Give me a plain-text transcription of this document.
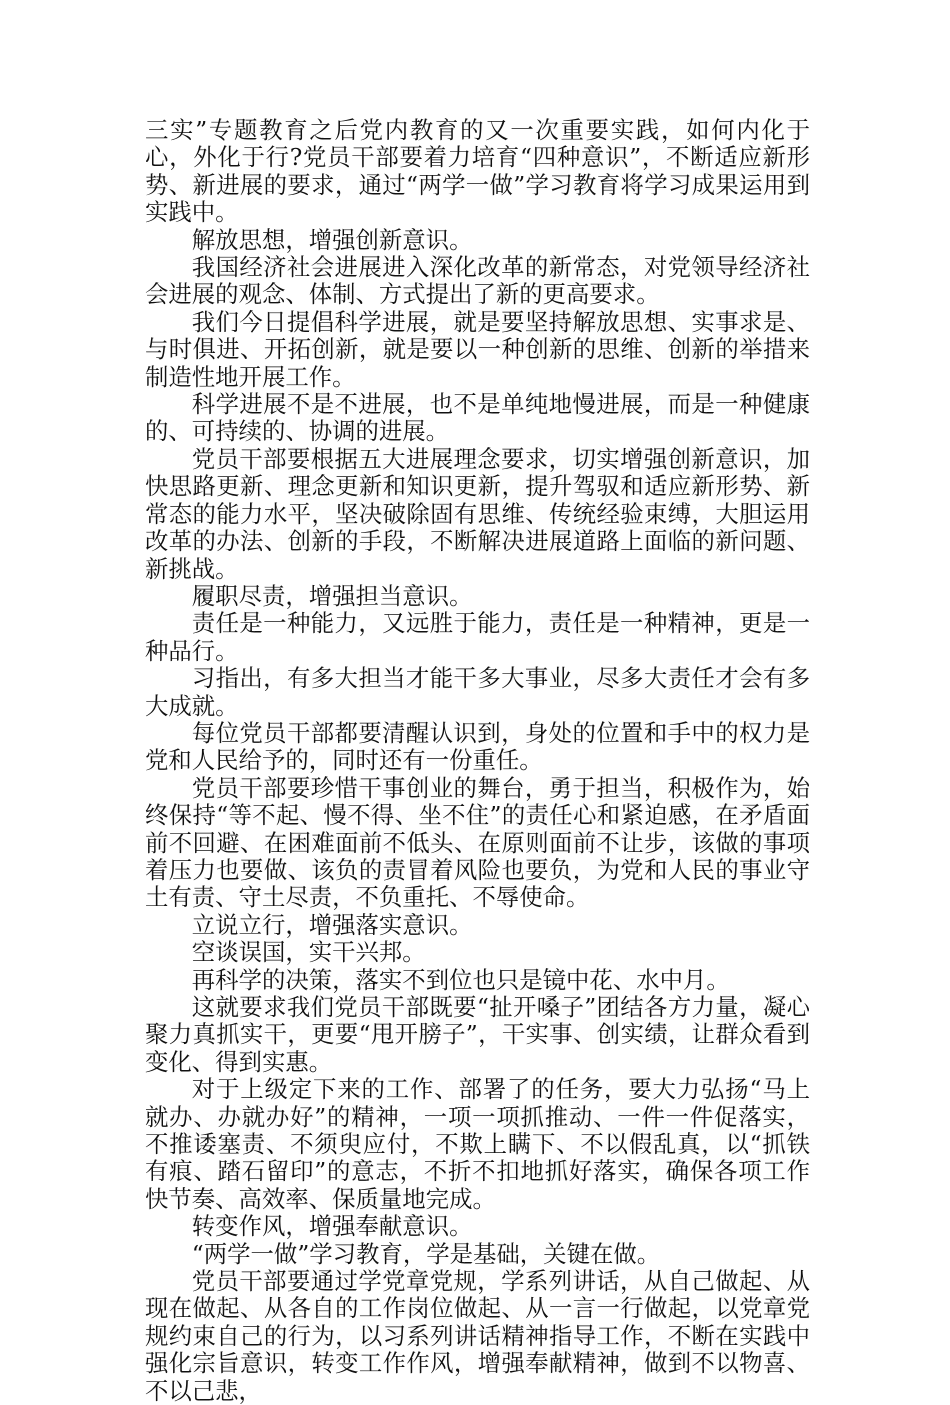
三实”专题教育之后党内教育的又一次重要实践，如何内化于心，外化于行?党员干部要着力培育“四种意识”，不断适应新形势、新进展的要求，通过“两学一做”学习教育将学习成果运用到实践中。

解放思想，增强创新意识。

我国经济社会进展进入深化改革的新常态，对党领导经济社会进展的观念、体制、方式提出了新的更高要求。

我们今日提倡科学进展，就是要坚持解放思想、实事求是、与时俱进、开拓创新，就是要以一种创新的思维、创新的举措来制造性地开展工作。

科学进展不是不进展，也不是单纯地慢进展，而是一种健康的、可持续的、协调的进展。

党员干部要根据五大进展理念要求，切实增强创新意识，加快思路更新、理念更新和知识更新，提升驾驭和适应新形势、新常态的能力水平，坚决破除固有思维、传统经验束缚，大胆运用改革的办法、创新的手段，不断解决进展道路上面临的新问题、新挑战。

履职尽责，增强担当意识。

责任是一种能力，又远胜于能力，责任是一种精神，更是一种品行。

习指出，有多大担当才能干多大事业，尽多大责任才会有多大成就。

每位党员干部都要清醒认识到，身处的位置和手中的权力是党和人民给予的，同时还有一份重任。

党员干部要珍惜干事创业的舞台，勇于担当，积极作为，始终保持“等不起、慢不得、坐不住”的责任心和紧迫感，在矛盾面前不回避、在困难面前不低头、在原则面前不让步，该做的事项着压力也要做、该负的责冒着风险也要负，为党和人民的事业守土有责、守土尽责，不负重托、不辱使命。

立说立行，增强落实意识。

空谈误国，实干兴邦。

再科学的决策，落实不到位也只是镜中花、水中月。

这就要求我们党员干部既要“扯开嗓子”团结各方力量，凝心聚力真抓实干，更要“甩开膀子”，干实事、创实绩，让群众看到变化、得到实惠。

对于上级定下来的工作、部署了的任务，要大力弘扬“马上就办、办就办好”的精神，一项一项抓推动、一件一件促落实，不推诿塞责、不须臾应付，不欺上瞒下、不以假乱真，以“抓铁有痕、踏石留印”的意志，不折不扣地抓好落实，确保各项工作快节奏、高效率、保质量地完成。

转变作风，增强奉献意识。

“两学一做”学习教育，学是基础，关键在做。

党员干部要通过学党章党规，学系列讲话，从自己做起、从现在做起、从各自的工作岗位做起、从一言一行做起，以党章党规约束自己的行为，以习系列讲话精神指导工作，不断在实践中强化宗旨意识，转变工作作风，增强奉献精神，做到不以物喜、不以己悲，
